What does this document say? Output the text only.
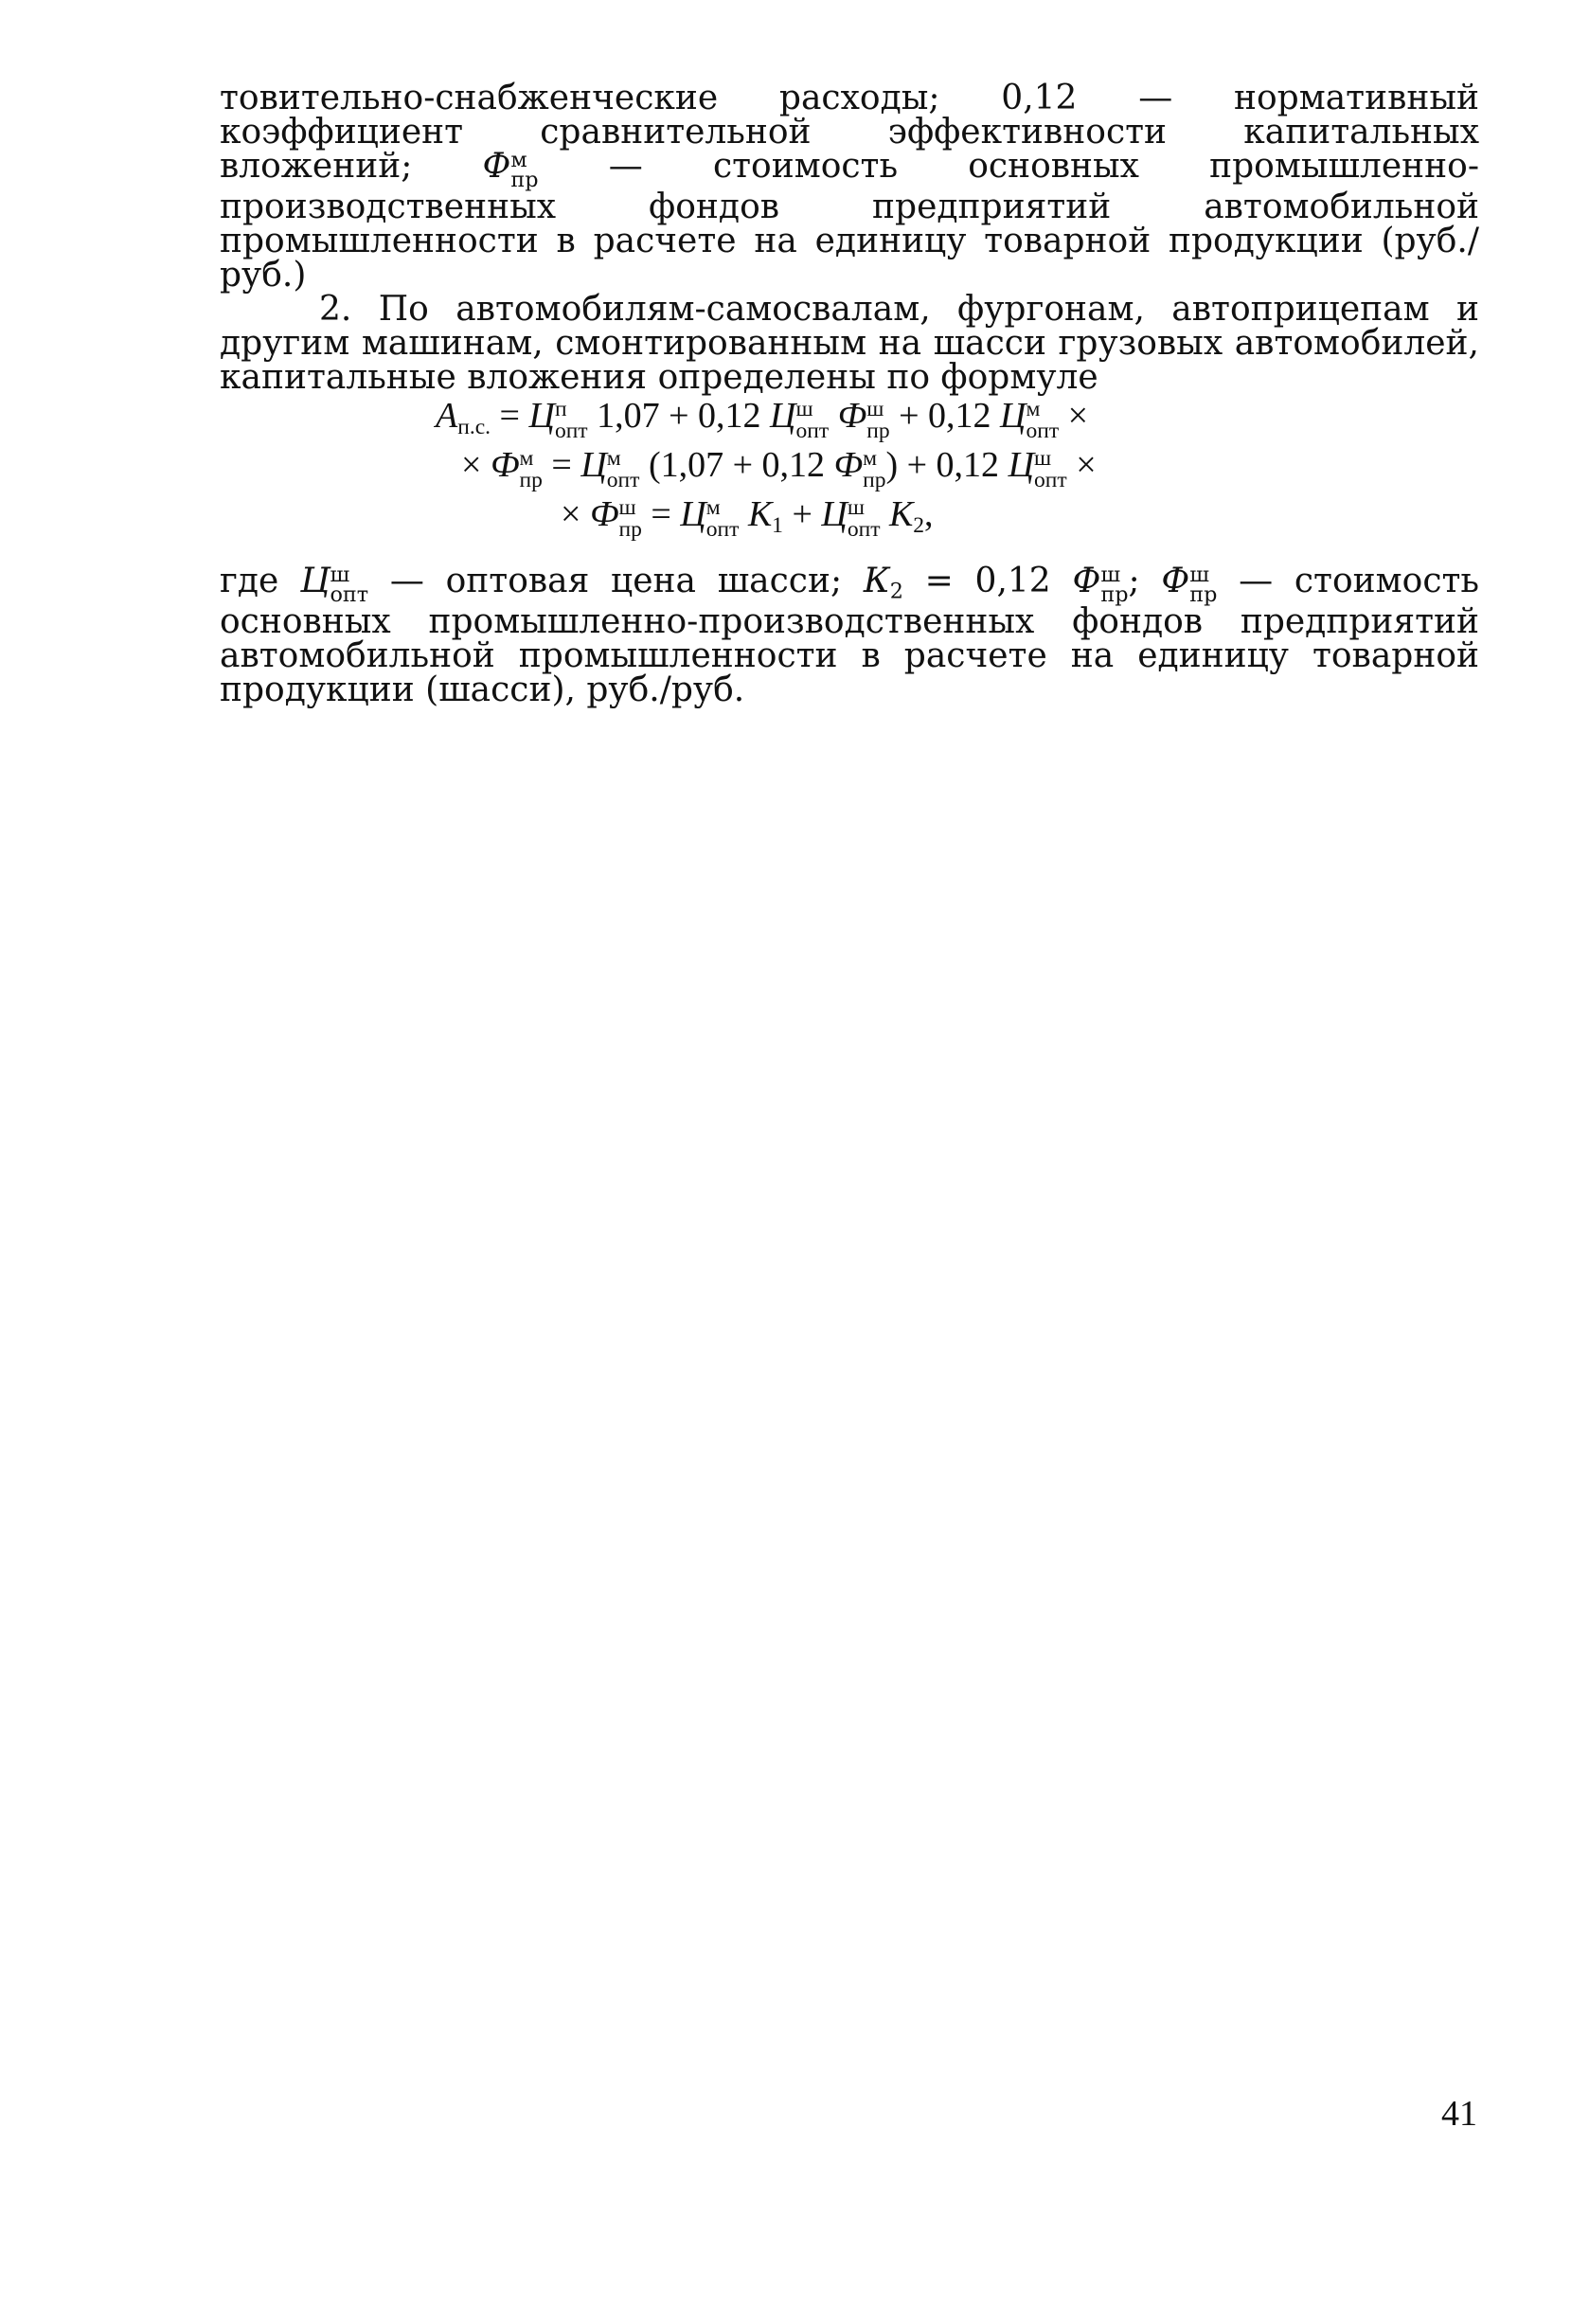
товительно-снабженческие расходы; 0,12 — нормативный коэффициент сравнительной эффективности капитальных вложений; Ф м
пр — стоимость основных промышленно-производственных фондов предприятий автомобильной промышленности в расчете на единицу товарной продукции (руб./руб.)

2. По автомобилям-самосвалам, фургонам, автоприцепам и другим машинам, смонтированным на шасси грузовых автомобилей, капитальные вложения определены по формуле

$А_{п.с.} = Ц$ п
опт 1,07 + 0,12 Ц ш
опт Ф ш
пр + 0,12 Ц м
опт ×
× Ф м
пр = Ц м
опт (1,07 + 0,12 Ф м
пр ) + 0,12 Ц ш
опт ×
× Ф ш
пр = Ц м
опт $К_1 + Ц$ ш
опт $К_2$,

где Ц ш
опт — оптовая цена шасси; $К_2 = 0,12$ Ф ш
пр ; Ф ш
пр — стоимость основных промышленно-производственных фондов предприятий автомобильной промышленности в расчете на единицу товарной продукции (шасси), руб./руб.

41
